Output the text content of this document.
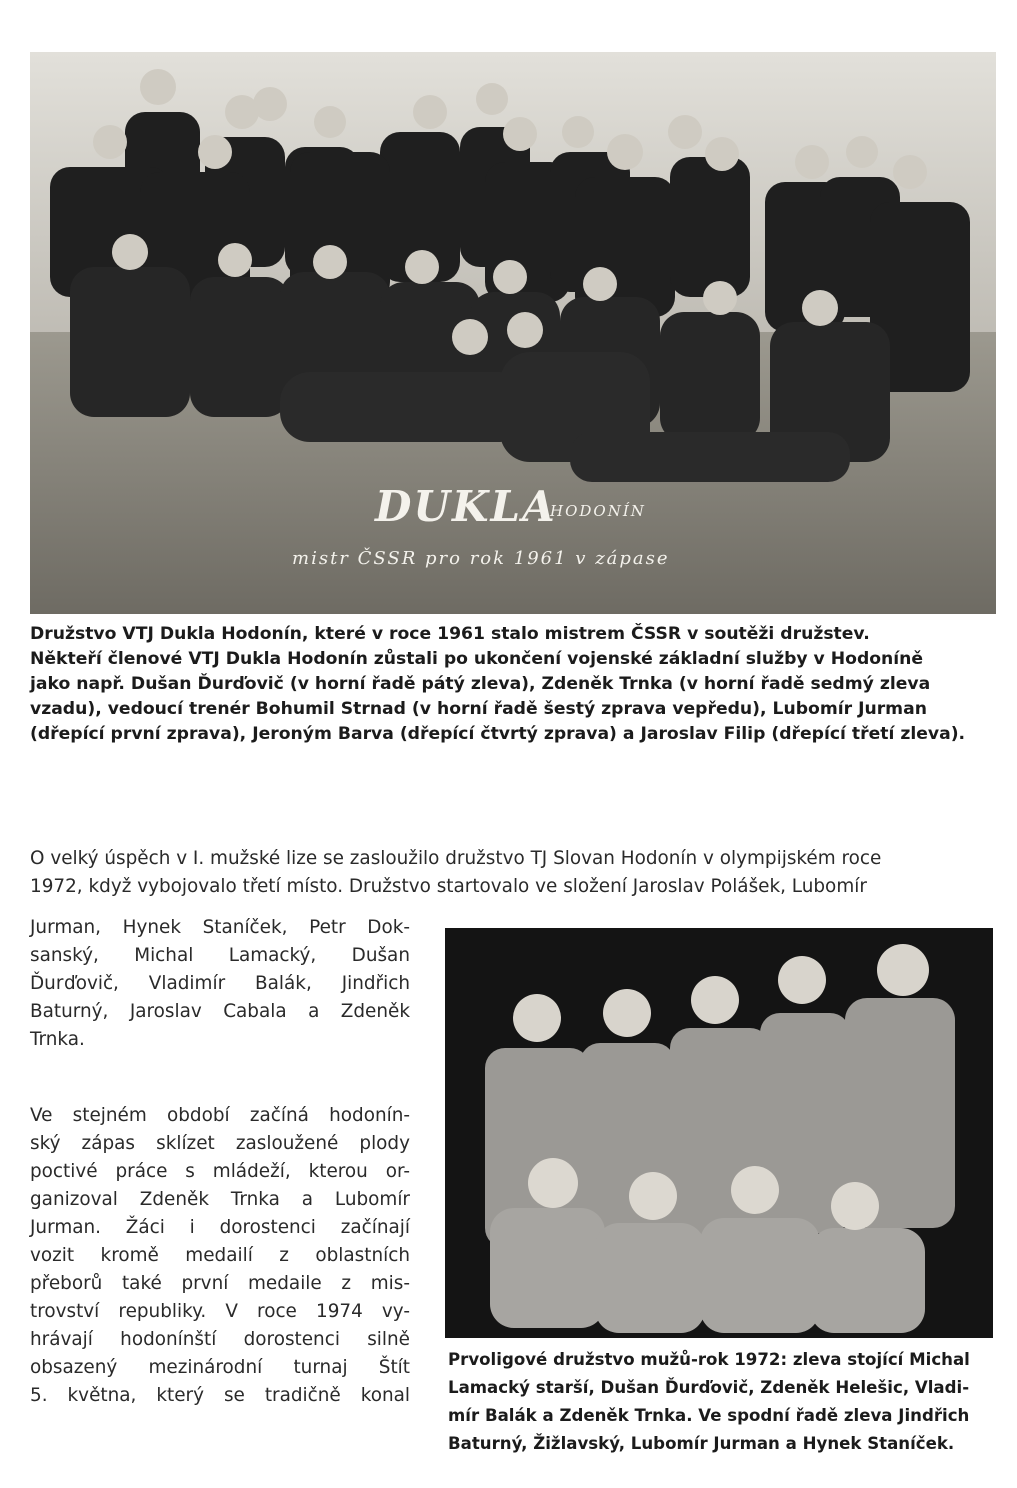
DUKLA
HODONÍN
mistr ČSSR pro rok 1961 v zápase

Družstvo VTJ Dukla Hodonín, které v roce 1961 stalo mistrem ČSSR v soutěži družstev.
Někteří členové VTJ Dukla Hodonín zůstali po ukončení vojenské základní služby v Hodoníně
jako např. Dušan Ďurďovič (v horní řadě pátý zleva), Zdeněk Trnka (v horní řadě sedmý zleva
vzadu), vedoucí trenér Bohumil Strnad (v horní řadě šestý zprava vepředu), Lubomír Jurman
(dřepící první zprava), Jeroným Barva (dřepící čtvrtý zprava) a Jaroslav Filip (dřepící třetí zleva).

O velký úspěch v I. mužské lize se zasloužilo družstvo TJ Slovan Hodonín v olympijském roce
1972, když vybojovalo třetí místo. Družstvo startovalo ve složení Jaroslav Polášek, Lubomír

Jurman, Hynek Staníček, Petr Dok-
sanský, Michal Lamacký, Dušan
Ďurďovič, Vladimír Balák, Jindřich
Baturný, Jaroslav Cabala a Zdeněk
Trnka.

Ve stejném období začíná hodonín-
ský zápas sklízet zasloužené plody
poctivé práce s mládeží, kterou or-
ganizoval Zdeněk Trnka a Lubomír
Jurman. Žáci i dorostenci začínají
vozit kromě medailí z oblastních
přeborů také první medaile z mis-
trovství republiky. V roce 1974 vy-
hrávají hodonínští dorostenci silně
obsazený mezinárodní turnaj Štít
5. května, který se tradičně konal

Prvoligové družstvo mužů-rok 1972: zleva stojící Michal
Lamacký starší, Dušan Ďurďovič, Zdeněk Helešic, Vladi-
mír Balák a Zdeněk Trnka. Ve spodní řadě zleva Jindřich
Baturný, Žižlavský, Lubomír Jurman a Hynek Staníček.
